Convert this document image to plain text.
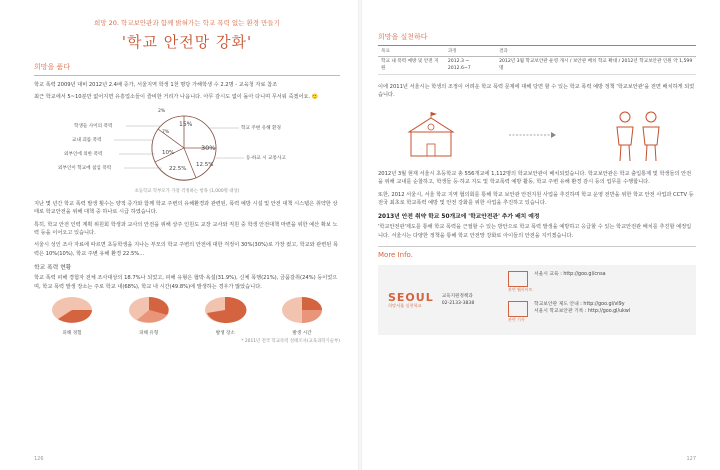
희망 20. 학교보안관과 함께 밝혀가는 학교 폭력 없는 환경 만들기
'학교 안전망 강화'
희망을 품다
학교 폭력 2009년 대비 2012년 2.4배 증가, 서울지역 학생 1천 명당 가해학생 수 2.2명 - 교육청 자료 참조
최근 학교에서 5~10분만 없어지면 유흥업소들이 즐비한 거리가 나옵니다. 아무 감시도 없이 돌아 다니며 무서워 죽겠어요. 🙂
15%
30%
12.5%
22.5%
10%
7%
2%
학생들 사이의 폭력
교내 괴롭 폭력
외부인에 의한 폭력
외부인이 학교에 침입 폭력
학교 주변 유해 환경
등·하교 시 교통사고
초등학교 학부모가 가장 걱정하는 항목 (1,000명 대상)
지난 몇 년간 학교 폭력 발생 횟수는 양적 증가와 함께 학교 주변의 유해환경과 관련된, 폭력 예방 시설 및 안전 대책 시스템은 취약한 상태로 학교안전을 위해 대책 중 하나로 시급 하였습니다.
특히, 학교 안전 인력 계획 위원회 학생과 교사의 안전을 위해 상주 인원도 교장 교사와 직원 중 학생 안전대책 마련을 위한 예산 확보 노력 등을 이어오고 있습니다.
서울시 성인 조사 자료에 따르면 초등학생을 지나는 부모의 학교 주변의 안전에 대한 걱정이 30%(30%)로 가장 컸고, 학교와 관련된 폭력은 10%(10%), 학교 주변 유해 환경 22.5%...
학교 폭력 현황
학교 폭력 피해 경험자 전체 조사대상의 18.7%나 되었고, 피해 유형은 협박·욕설(31.9%), 신체 폭행(21%), 금품갈취(24%) 등이었으며, 학교 폭력 발생 장소는 주로 학교 내(68%), 학교 내 시간(49.8%)에 발생하는 경우가 많았습니다.
피해 경험	피해 유형	발생 장소	발생 시간
* 2011년 전국 학교폭력 실태조사(교육과학기술부)
126
희망을 실천하다
목표	과정	결과
학교 내 폭력 예방 및 안전 지원	2012.3 ~ 2012.6~7	2012년 3월 학교보안관 운영 개시 / 보안관 배치 학교 확대 / 2012년 학교보안관 인원 약 1,599명
이에 2011년 서울시는 학생의 조정이 어려운 학교 폭력 문제에 대해 당면 할 수 있는 학교 폭력 예방 정책 '학교보안관'을 전면 배치하게 되었습니다.
2012년 3월 현재 서울시 초등학교 총 556개교에 1,112명의 학교보안관이 배치되었습니다. 학교보안관은 학교 출입통제 및 학생들의 안전을 위해 교내를 순찰하고, 학생들 등·하교 지도 및 학교폭력 예방 활동, 학교 주변 유해 환경 감시 등의 업무를 수행합니다.
또한, 2012 서울시, 서울 학교 지역 협의회를 통해 학교 보안관 안전지원 사업을 추진하며 학교 운영 전반을 위한 학교 안전 사업과 CCTV 등 전국 최초로 학교폭력 예방 및 안전 강화를 위한 사업을 추진하고 있습니다.
2013년 안전 취약 학교 50개교에 '학교안전관' 추가 배치 예정
'학교안전관'제도를 통해 학교 폭력을 근절할 수 있는 방안으로 학교 폭력 발생을 예방하고 응급할 수 있는 학교안전관 배치를 추진할 예정입니다. 서울시는 다양한 정책을 통해 학교 안전망 강화로 아이들의 안전을 지키겠습니다.
More Info.
SEOUL
희망서울 실천학교
교육지원정책과
02-2133-3838
관련 웹사이트
서울시 교육 : http://goo.gl/cnsa
관련 기사
학교보안관 제도 안내 : http://goo.gl/vl9y
서울시 학교보안관 기록 : http://goo.gl/ukwl
127
